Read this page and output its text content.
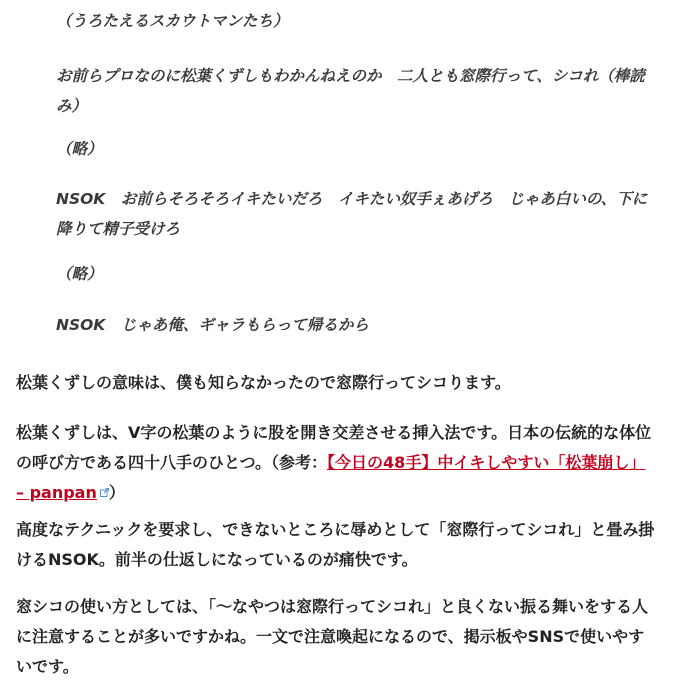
（うろたえるスカウトマンたち）
お前らプロなのに松葉くずしもわかんねえのか　二人とも窓際行って、シコれ（棒読み）
（略）
NSOK　お前らそろそろイキたいだろ　イキたい奴手ぇあげろ　じゃあ白いの、下に降りて精子受けろ
（略）
NSOK　じゃあ俺、ギャラもらって帰るから
松葉くずしの意味は、僕も知らなかったので窓際行ってシコります。
松葉くずしは、V字の松葉のように股を開き交差させる挿入法です。日本の伝統的な体位の呼び方である四十八手のひとつ。（参考：【今日の48手】中イキしやすい「松葉崩し」 – panpan ）
高度なテクニックを要求し、できないところに辱めとして「窓際行ってシコれ」と畳み掛けるNSOK。前半の仕返しになっているのが痛快です。
窓シコの使い方としては、「〜なやつは窓際行ってシコれ」と良くない振る舞いをする人に注意することが多いですかね。一文で注意喚起になるので、掲示板やSNSで使いやすいです。
